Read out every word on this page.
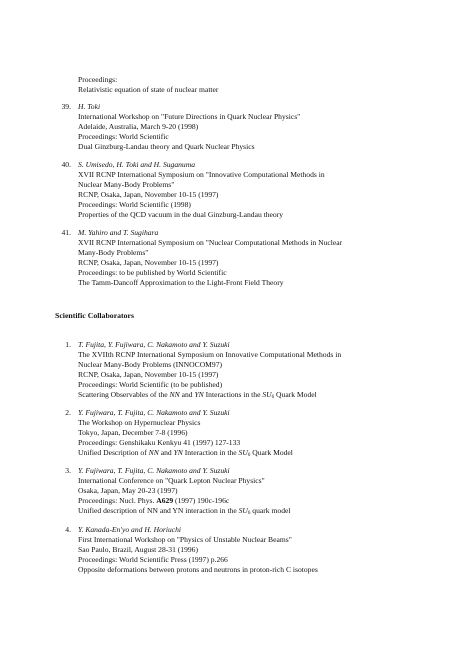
Proceedings:
Relativistic equation of state of nuclear matter
39. H. Toki
International Workshop on "Future Directions in Quark Nuclear Physics"
Adelaide, Australia, March 9-20 (1998)
Proceedings: World Scientific
Dual Ginzburg-Landau theory and Quark Nuclear Physics
40. S. Umisedo, H. Toki and H. Suganuma
XVII RCNP International Symposium on "Innovative Computational Methods in
Nuclear Many-Body Problems"
RCNP, Osaka, Japan, November 10-15 (1997)
Proceedings: World Scientific (1998)
Properties of the QCD vacuum in the dual Ginzburg-Landau theory
41. M. Yahiro and T. Sugihara
XVII RCNP International Symposium on "Nuclear Computational Methods in Nuclear
Many-Body Problems"
RCNP, Osaka, Japan, November 10-15 (1997)
Proceedings: to be published by World Scientific
The Tamm-Dancoff Approximation to the Light-Front Field Theory
Scientific Collaborators
1. T. Fujita, Y. Fujiwara, C. Nakamoto and Y. Suzuki
The XVIIth RCNP International Symposium on Innovative Computational Methods in
Nuclear Many-Body Problems (INNOCOM97)
RCNP, Osaka, Japan, November 10-15 (1997)
Proceedings: World Scientific (to be published)
Scattering Observables of the NN and YN Interactions in the $SU_6$ Quark Model
2. Y. Fujiwara, T. Fujita, C. Nakamoto and Y. Suzuki
The Workshop on Hypernuclear Physics
Tokyo, Japan, December 7-8 (1996)
Proceedings: Genshikaku Kenkyu 41 (1997) 127-133
Unified Description of NN and YN Interaction in the $SU_6$ Quark Model
3. Y. Fujiwara, T. Fujita, C. Nakamoto and Y. Suzuki
International Conference on "Quark Lepton Nuclear Physics"
Osaka, Japan, May 20-23 (1997)
Proceedings: Nucl. Phys. A629 (1997) 190c-196c
Unified description of NN and YN interaction in the $SU_6$ quark model
4. Y. Kanada-En'yo and H. Horiuchi
First International Workshop on "Physics of Unstable Nuclear Beams"
Sao Paulo, Brazil, August 28-31 (1996)
Proceedings: World Scientific Press (1997) p.266
Opposite deformations between protons and neutrons in proton-rich C isotopes
